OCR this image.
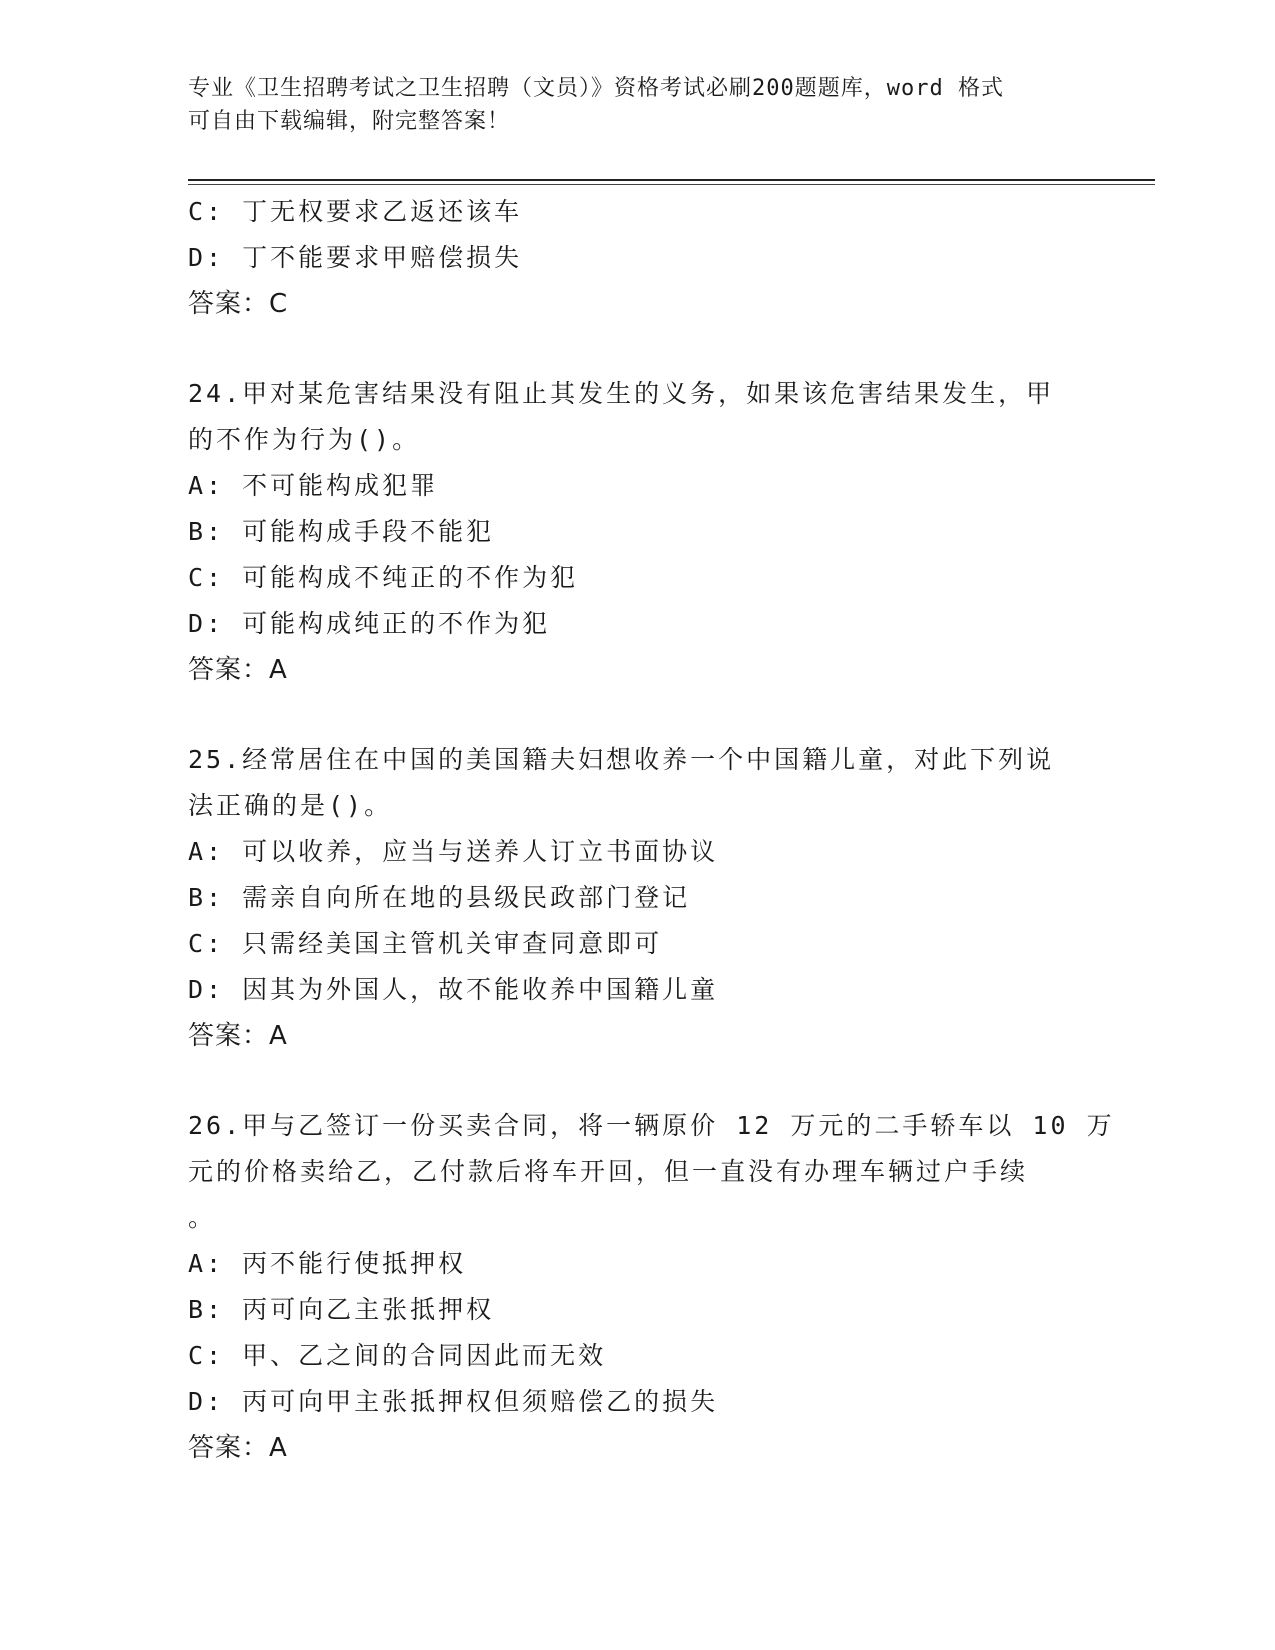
专业《卫生招聘考试之卫生招聘（文员）》资格考试必刷200题题库，word 格式
可自由下载编辑，附完整答案！
C: 丁无权要求乙返还该车
D: 丁不能要求甲赔偿损失
答案：C
24.甲对某危害结果没有阻止其发生的义务，如果该危害结果发生，甲
的不作为行为()。
A: 不可能构成犯罪
B: 可能构成手段不能犯
C: 可能构成不纯正的不作为犯
D: 可能构成纯正的不作为犯
答案：A
25.经常居住在中国的美国籍夫妇想收养一个中国籍儿童，对此下列说
法正确的是()。
A: 可以收养，应当与送养人订立书面协议
B: 需亲自向所在地的县级民政部门登记
C: 只需经美国主管机关审查同意即可
D: 因其为外国人，故不能收养中国籍儿童
答案：A
26.甲与乙签订一份买卖合同，将一辆原价 12 万元的二手轿车以 10 万
元的价格卖给乙，乙付款后将车开回，但一直没有办理车辆过户手续
。
A: 丙不能行使抵押权
B: 丙可向乙主张抵押权
C: 甲、乙之间的合同因此而无效
D: 丙可向甲主张抵押权但须赔偿乙的损失
答案：A
